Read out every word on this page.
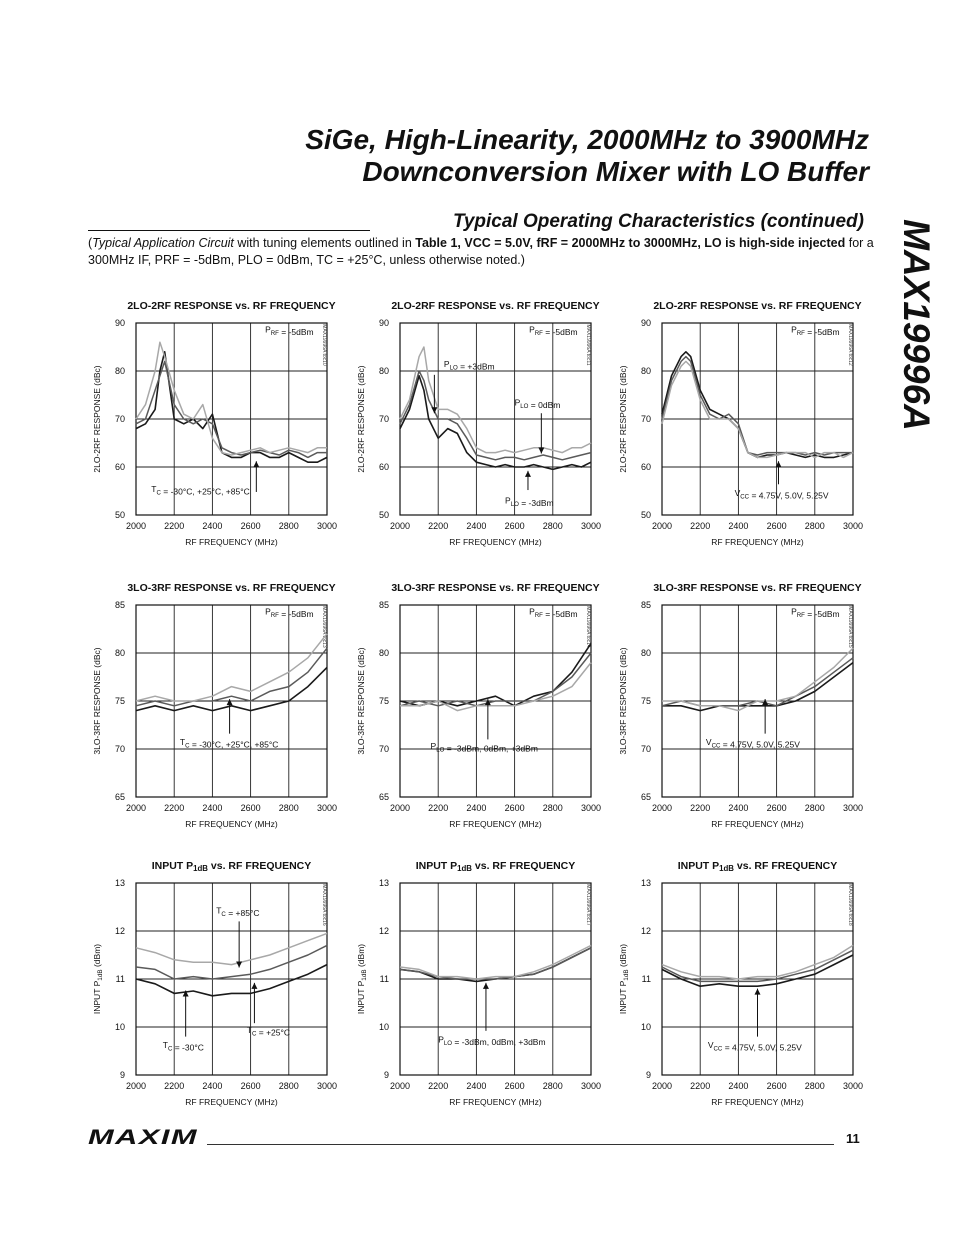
SiGe, High-Linearity, 2000MHz to 3900MHz
Downconversion Mixer with LO Buffer
MAX19996A
Typical Operating Characteristics (continued)
(Typical Application Circuit with tuning elements outlined in Table 1, VCC = 5.0V, fRF = 2000MHz to 3000MHz, LO is high-side injected for a 300MHz IF, PRF = -5dBm, PLO = 0dBm, TC = +25°C, unless otherwise noted.)
2LO-2RF RESPONSE vs. RF FREQUENCY
2000 2200 2400 2600 2800 3000
50
60
70
80
90
RF FREQUENCY (MHz)
2LO-2RF RESPONSE (dBc)
MAX19996A toc10
$P_{RF} = -5dBm$
$T_C = -30^\circ C$, +25°C, +85°C
2LO-2RF RESPONSE vs. RF FREQUENCY
2000 2200 2400 2600 2800 3000
50
60
70
80
90
RF FREQUENCY (MHz)
2LO-2RF RESPONSE (dBc)
MAX19996A toc11
$P_{RF} = -5dBm$
$P_{LO} = +3dBm$
$P_{LO} = 0dBm$
$P_{LO} = -3dBm$
2LO-2RF RESPONSE vs. RF FREQUENCY
2000 2200 2400 2600 2800 3000
50
60
70
80
90
RF FREQUENCY (MHz)
2LO-2RF RESPONSE (dBc)
MAX19996A toc12
$P_{RF} = -5dBm$
$V_{CC} = 4.75V$, 5.0V, 5.25V
3LO-3RF RESPONSE vs. RF FREQUENCY
2000 2200 2400 2600 2800 3000
65
70
75
80
85
RF FREQUENCY (MHz)
3LO-3RF RESPONSE (dBc)
MAX19996A toc13
$P_{RF} = -5dBm$
$T_C = -30^\circ C$, +25°C, +85°C
3LO-3RF RESPONSE vs. RF FREQUENCY
2000 2200 2400 2600 2800 3000
65
70
75
80
85
RF FREQUENCY (MHz)
3LO-3RF RESPONSE (dBc)
MAX19996A toc14
$P_{RF} = -5dBm$
$P_{LO} = -3dBm$, 0dBm, +3dBm
3LO-3RF RESPONSE vs. RF FREQUENCY
2000 2200 2400 2600 2800 3000
65
70
75
80
85
RF FREQUENCY (MHz)
3LO-3RF RESPONSE (dBc)
MAX19996A toc15
$P_{RF} = -5dBm$
$V_{CC} = 4.75V$, 5.0V, 5.25V
INPUT P1dB vs. RF FREQUENCY
2000 2200 2400 2600 2800 3000
9
10
11
12
13
RF FREQUENCY (MHz)
INPUT $P_{1dB}$ (dBm)
MAX19996A toc16
$T_C = +85^\circ C$
$T_C = +25^\circ C$
$T_C = -30^\circ C$
INPUT P1dB vs. RF FREQUENCY
2000 2200 2400 2600 2800 3000
9
10
11
12
13
RF FREQUENCY (MHz)
INPUT $P_{1dB}$ (dBm)
MAX19996A toc17
$P_{LO} = -3dBm$, 0dBm, +3dBm
INPUT P1dB vs. RF FREQUENCY
2000 2200 2400 2600 2800 3000
9
10
11
12
13
RF FREQUENCY (MHz)
INPUT $P_{1dB}$ (dBm)
MAX19996A toc18
$V_{CC} = 4.75V$, 5.0V, 5.25V
MAXIM	11
